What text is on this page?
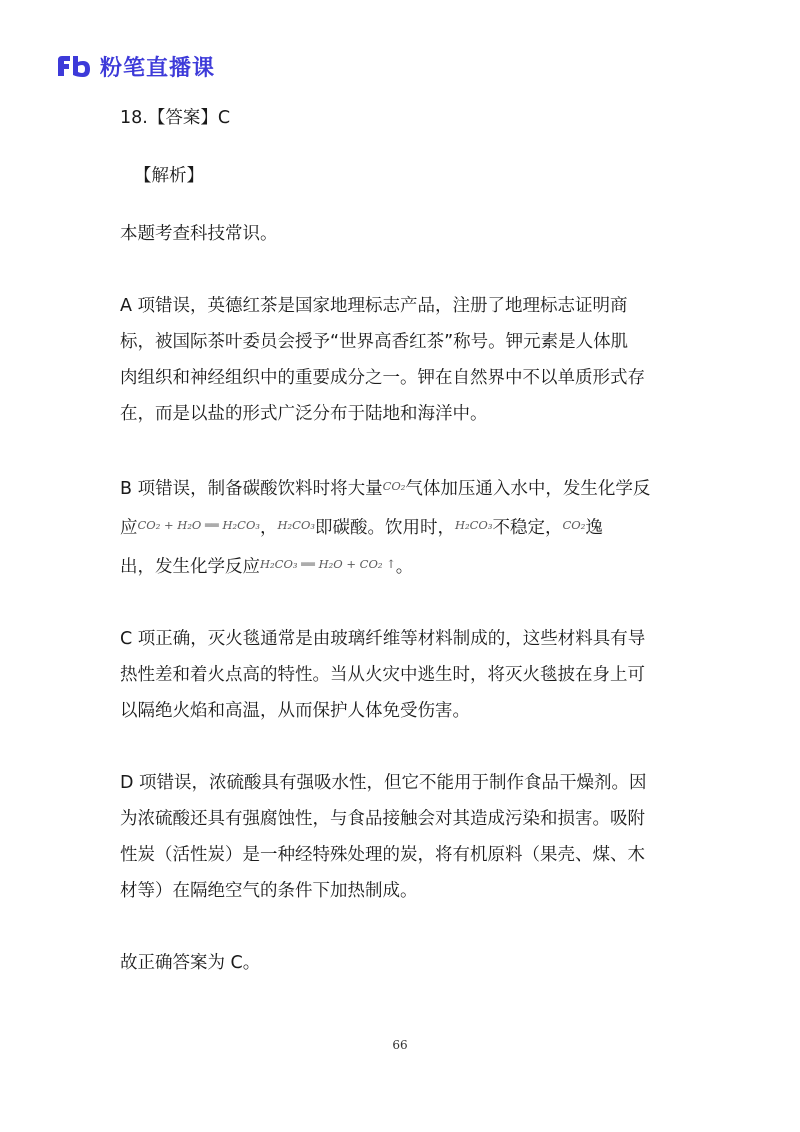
粉笔直播课

18.【答案】C

【解析】

本题考查科技常识。

A 项错误，英德红茶是国家地理标志产品，注册了地理标志证明商

标，被国际茶叶委员会授予“世界高香红茶”称号。钾元素是人体肌

肉组织和神经组织中的重要成分之一。钾在自然界中不以单质形式存

在，而是以盐的形式广泛分布于陆地和海洋中。

B 项错误，制备碳酸饮料时将大量$^{CO_2}$气体加压通入水中，发生化学反

应$^{CO_2 + H_2O ══ H_2CO_3}$，$^{H_2CO_3}$即碳酸。饮用时，$^{H_2CO_3}$不稳定，$^{CO_2}$逸

出，发生化学反应$^{H_2CO_3 ══ H_2O + CO_2 ↑}$。

C 项正确，灭火毯通常是由玻璃纤维等材料制成的，这些材料具有导

热性差和着火点高的特性。当从火灾中逃生时，将灭火毯披在身上可

以隔绝火焰和高温，从而保护人体免受伤害。

D 项错误，浓硫酸具有强吸水性，但它不能用于制作食品干燥剂。因

为浓硫酸还具有强腐蚀性，与食品接触会对其造成污染和损害。吸附

性炭（活性炭）是一种经特殊处理的炭，将有机原料（果壳、煤、木

材等）在隔绝空气的条件下加热制成。

故正确答案为 C。

66
